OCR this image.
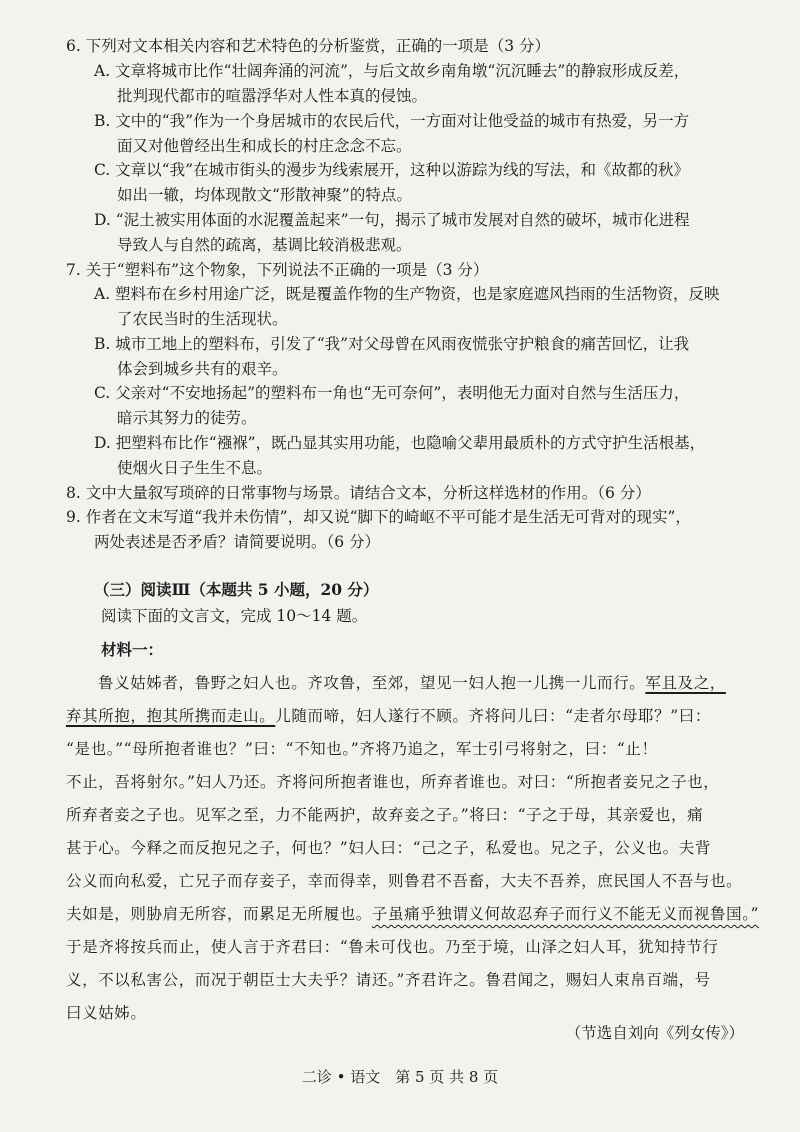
6. 下列对文本相关内容和艺术特色的分析鉴赏，正确的一项是（3 分）
A. 文章将城市比作“壮阔奔涌的河流”，与后文故乡南角墩“沉沉睡去”的静寂形成反差，
批判现代都市的喧嚣浮华对人性本真的侵蚀。
B. 文中的“我”作为一个身居城市的农民后代，一方面对让他受益的城市有热爱，另一方
面又对他曾经出生和成长的村庄念念不忘。
C. 文章以“我”在城市街头的漫步为线索展开，这种以游踪为线的写法，和《故都的秋》
如出一辙，均体现散文“形散神聚”的特点。
D. “泥土被实用体面的水泥覆盖起来”一句，揭示了城市发展对自然的破坏，城市化进程
导致人与自然的疏离，基调比较消极悲观。
7. 关于“塑料布”这个物象，下列说法不正确的一项是（3 分）
A. 塑料布在乡村用途广泛，既是覆盖作物的生产物资，也是家庭遮风挡雨的生活物资，反映
了农民当时的生活现状。
B. 城市工地上的塑料布，引发了“我”对父母曾在风雨夜慌张守护粮食的痛苦回忆，让我
体会到城乡共有的艰辛。
C. 父亲对“不安地扬起”的塑料布一角也“无可奈何”，表明他无力面对自然与生活压力，
暗示其努力的徒劳。
D. 把塑料布比作“襁褓”，既凸显其实用功能，也隐喻父辈用最质朴的方式守护生活根基，
使烟火日子生生不息。
8. 文中大量叙写琐碎的日常事物与场景。请结合文本，分析这样选材的作用。（6 分）
9. 作者在文末写道“我并未伤情”，却又说“脚下的崎岖不平可能才是生活无可背对的现实”，
两处表述是否矛盾？请简要说明。（6 分）
（三）阅读Ⅲ（本题共 5 小题，20 分）
阅读下面的文言文，完成 10～14 题。
材料一：
鲁义姑姊者，鲁野之妇人也。齐攻鲁，至郊，望见一妇人抱一儿携一儿而行。军且及之，
弃其所抱，抱其所携而走山。儿随而啼，妇人遂行不顾。齐将问儿曰：“走者尔母耶？”曰：
“是也。”“母所抱者谁也？”曰：“不知也。”齐将乃追之，军士引弓将射之，曰：“止！
不止，吾将射尔。”妇人乃还。齐将问所抱者谁也，所弃者谁也。对曰：“所抱者妾兄之子也，
所弃者妾之子也。见军之至，力不能两护，故弃妾之子。”将曰：“子之于母，其亲爱也，痛
甚于心。今释之而反抱兄之子，何也？”妇人曰：“己之子，私爱也。兄之子，公义也。夫背
公义而向私爱，亡兄子而存妾子，幸而得幸，则鲁君不吾畜，大夫不吾养，庶民国人不吾与也。
夫如是，则胁肩无所容，而累足无所履也。子虽痛乎独谓义何故忍弃子而行义不能无义而视鲁国。”
于是齐将按兵而止，使人言于齐君曰：“鲁未可伐也。乃至于境，山泽之妇人耳，犹知持节行
义，不以私害公，而况于朝臣士大夫乎？请还。”齐君许之。鲁君闻之，赐妇人束帛百端，号
曰义姑姊。
（节选自刘向《列女传》）
二诊 • 语文　第 5 页 共 8 页
